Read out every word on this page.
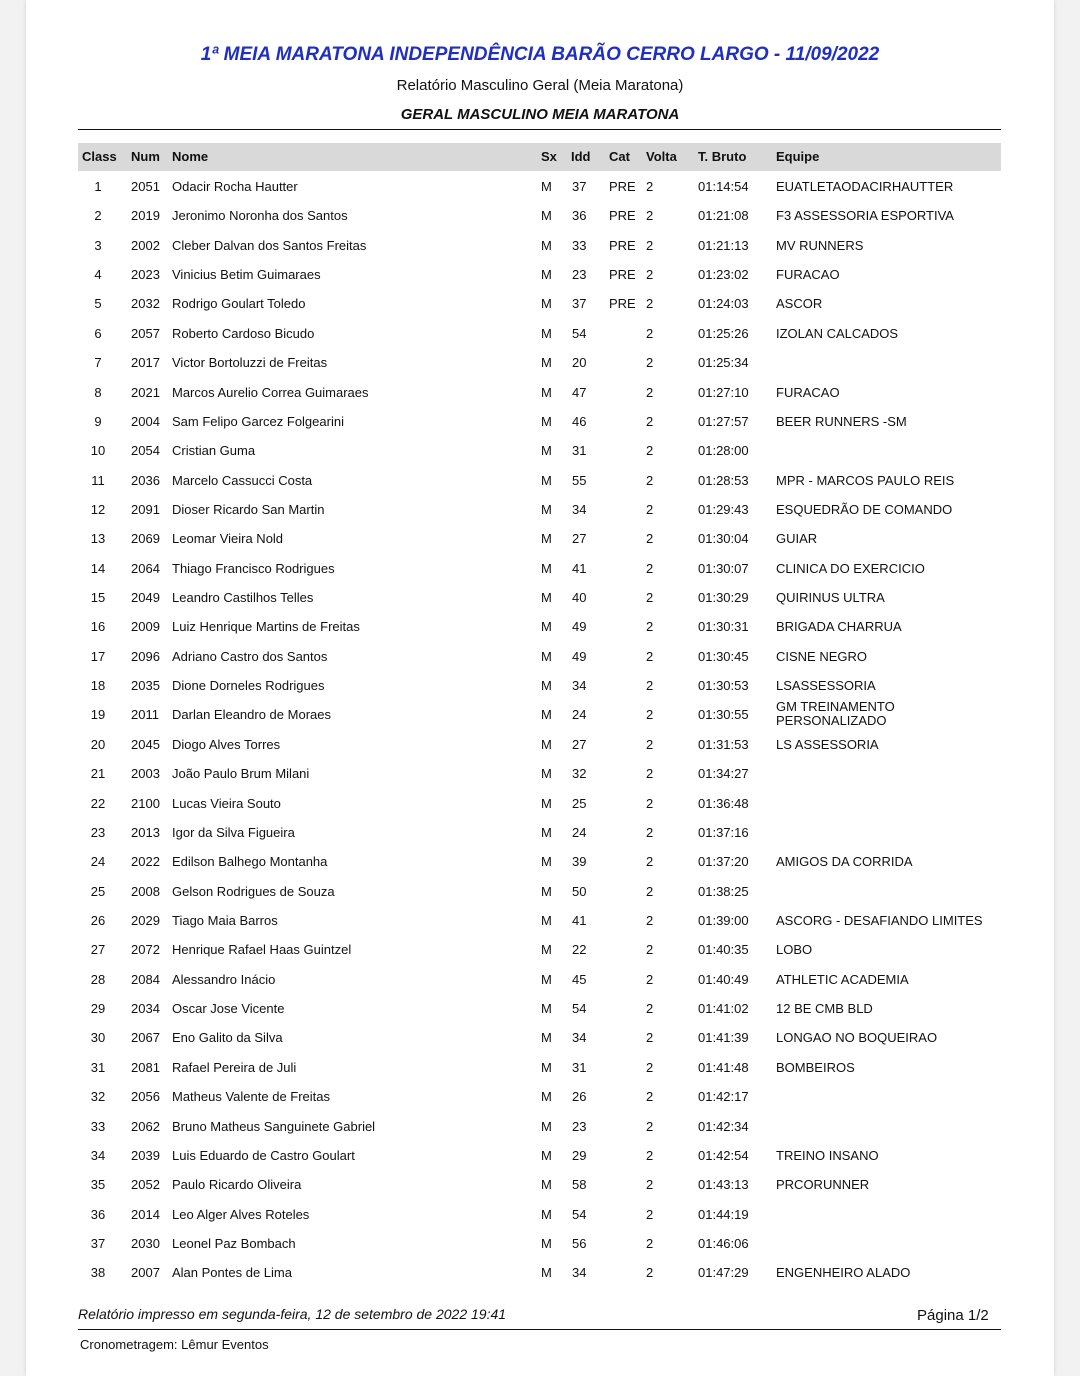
1ª MEIA MARATONA INDEPENDÊNCIA BARÃO CERRO LARGO - 11/09/2022
Relatório Masculino Geral (Meia Maratona)
GERAL MASCULINO MEIA MARATONA
Class Num Nome	Sx Idd Cat Volta T. Bruto Equipe
1	2051 Odacir Rocha Hautter	M 37 PRE 2	01:14:54 EUATLETAODACIRHAUTTER
2	2019 Jeronimo Noronha dos Santos	M 36 PRE 2	01:21:08 F3 ASSESSORIA ESPORTIVA
3	2002 Cleber Dalvan dos Santos Freitas	M 33 PRE 2	01:21:13 MV RUNNERS
4	2023 Vinicius Betim Guimaraes	M 23 PRE 2	01:23:02 FURACAO
5	2032 Rodrigo Goulart Toledo	M 37 PRE 2	01:24:03 ASCOR
6	2057 Roberto Cardoso Bicudo	M 54	2	01:25:26 IZOLAN CALCADOS
7	2017 Victor Bortoluzzi de Freitas	M 20	2	01:25:34
8	2021 Marcos Aurelio Correa Guimaraes	M 47	2	01:27:10 FURACAO
9	2004 Sam Felipo Garcez Folgearini	M 46	2	01:27:57 BEER RUNNERS -SM
10	2054 Cristian Guma	M 31	2	01:28:00
11	2036 Marcelo Cassucci Costa	M 55	2	01:28:53 MPR - MARCOS PAULO REIS
12	2091 Dioser Ricardo San Martin	M 34	2	01:29:43 ESQUEDRÃO DE COMANDO
13	2069 Leomar Vieira Nold	M 27	2	01:30:04 GUIAR
14	2064 Thiago Francisco Rodrigues	M 41	2	01:30:07 CLINICA DO EXERCICIO
15	2049 Leandro Castilhos Telles	M 40	2	01:30:29 QUIRINUS ULTRA
16	2009 Luiz Henrique Martins de Freitas	M 49	2	01:30:31 BRIGADA CHARRUA
17	2096 Adriano Castro dos Santos	M 49	2	01:30:45 CISNE NEGRO
18	2035 Dione Dorneles Rodrigues	M 34	2	01:30:53 LSASSESSORIA
19	2011 Darlan Eleandro de Moraes	M 24	2	01:30:55
GM TREINAMENTO
PERSONALIZADO
20	2045 Diogo Alves Torres	M 27	2	01:31:53 LS ASSESSORIA
21	2003 João Paulo Brum Milani	M 32	2	01:34:27
22	2100 Lucas Vieira Souto	M 25	2	01:36:48
23	2013 Igor da Silva Figueira	M 24	2	01:37:16
24	2022 Edilson Balhego Montanha	M 39	2	01:37:20 AMIGOS DA CORRIDA
25	2008 Gelson Rodrigues de Souza	M 50	2	01:38:25
26	2029 Tiago Maia Barros	M 41	2	01:39:00 ASCORG - DESAFIANDO LIMITES
27	2072 Henrique Rafael Haas Guintzel	M 22	2	01:40:35 LOBO
28	2084 Alessandro Inácio	M 45	2	01:40:49 ATHLETIC ACADEMIA
29	2034 Oscar Jose Vicente	M 54	2	01:41:02 12 BE CMB BLD
30	2067 Eno Galito da Silva	M 34	2	01:41:39 LONGAO NO BOQUEIRAO
31	2081 Rafael Pereira de Juli	M 31	2	01:41:48 BOMBEIROS
32	2056 Matheus Valente de Freitas	M 26	2	01:42:17
33	2062 Bruno Matheus Sanguinete Gabriel	M 23	2	01:42:34
34	2039 Luis Eduardo de Castro Goulart	M 29	2	01:42:54 TREINO INSANO
35	2052 Paulo Ricardo Oliveira	M 58	2	01:43:13 PRCORUNNER
36	2014 Leo Alger Alves Roteles	M 54	2	01:44:19
37	2030 Leonel Paz Bombach	M 56	2	01:46:06
38	2007 Alan Pontes de Lima	M 34	2	01:47:29 ENGENHEIRO ALADO
Relatório impresso em segunda-feira, 12 de setembro de 2022 19:41	Página 1/2
Cronometragem: Lêmur Eventos
